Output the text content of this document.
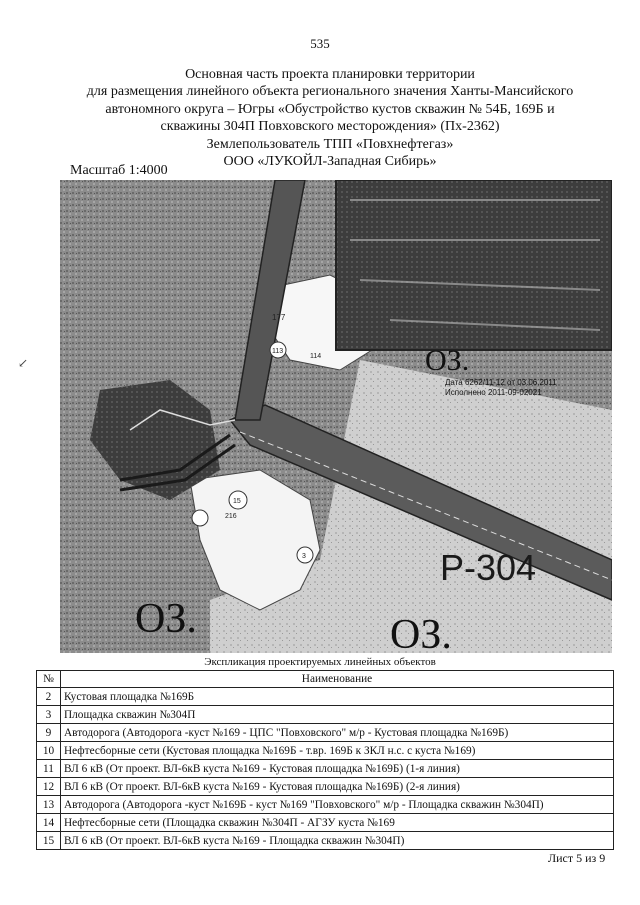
535
Основная часть проекта планировки территории
для размещения линейного объекта регионального значения Ханты-Мансийского
автономного округа – Югры «Обустройство кустов скважин № 54Б, 169Б и
скважины 304П Повховского месторождения» (Пх-2362)
Землепользователь ТПП «Повхнефтегаз»
ООО «ЛУКОЙЛ-Западная Сибирь»
Масштаб 1:4000
↙
177
113
114
15
216
3
Дата 6262/11-12 от 03.06.2011
Исполнено 2011-09-02021
ОЗ.
Р-304
ОЗ.	ОЗ.
Экспликация проектируемых линейных объектов
№	Наименование
2	Кустовая площадка №169Б
3	Площадка скважин №304П
9	Автодорога (Автодорога -куст №169 - ЦПС "Повховского" м/р - Кустовая площадка №169Б)
10	Нефтесборные сети (Кустовая площадка №169Б - т.вр. 169Б к ЗКЛ н.с. с куста №169)
11	ВЛ 6 кВ (От проект. ВЛ-6кВ куста №169 - Кустовая площадка №169Б) (1-я линия)
12	ВЛ 6 кВ (От проект. ВЛ-6кВ куста №169 - Кустовая площадка №169Б) (2-я линия)
13	Автодорога (Автодорога -куст №169Б - куст №169 "Повховского" м/р - Площадка скважин №304П)
14	Нефтесборные сети (Площадка скважин №304П - АГЗУ куста №169
15	ВЛ 6 кВ (От проект. ВЛ-6кВ куста №169 - Площадка скважин №304П)
Лист 5 из 9
